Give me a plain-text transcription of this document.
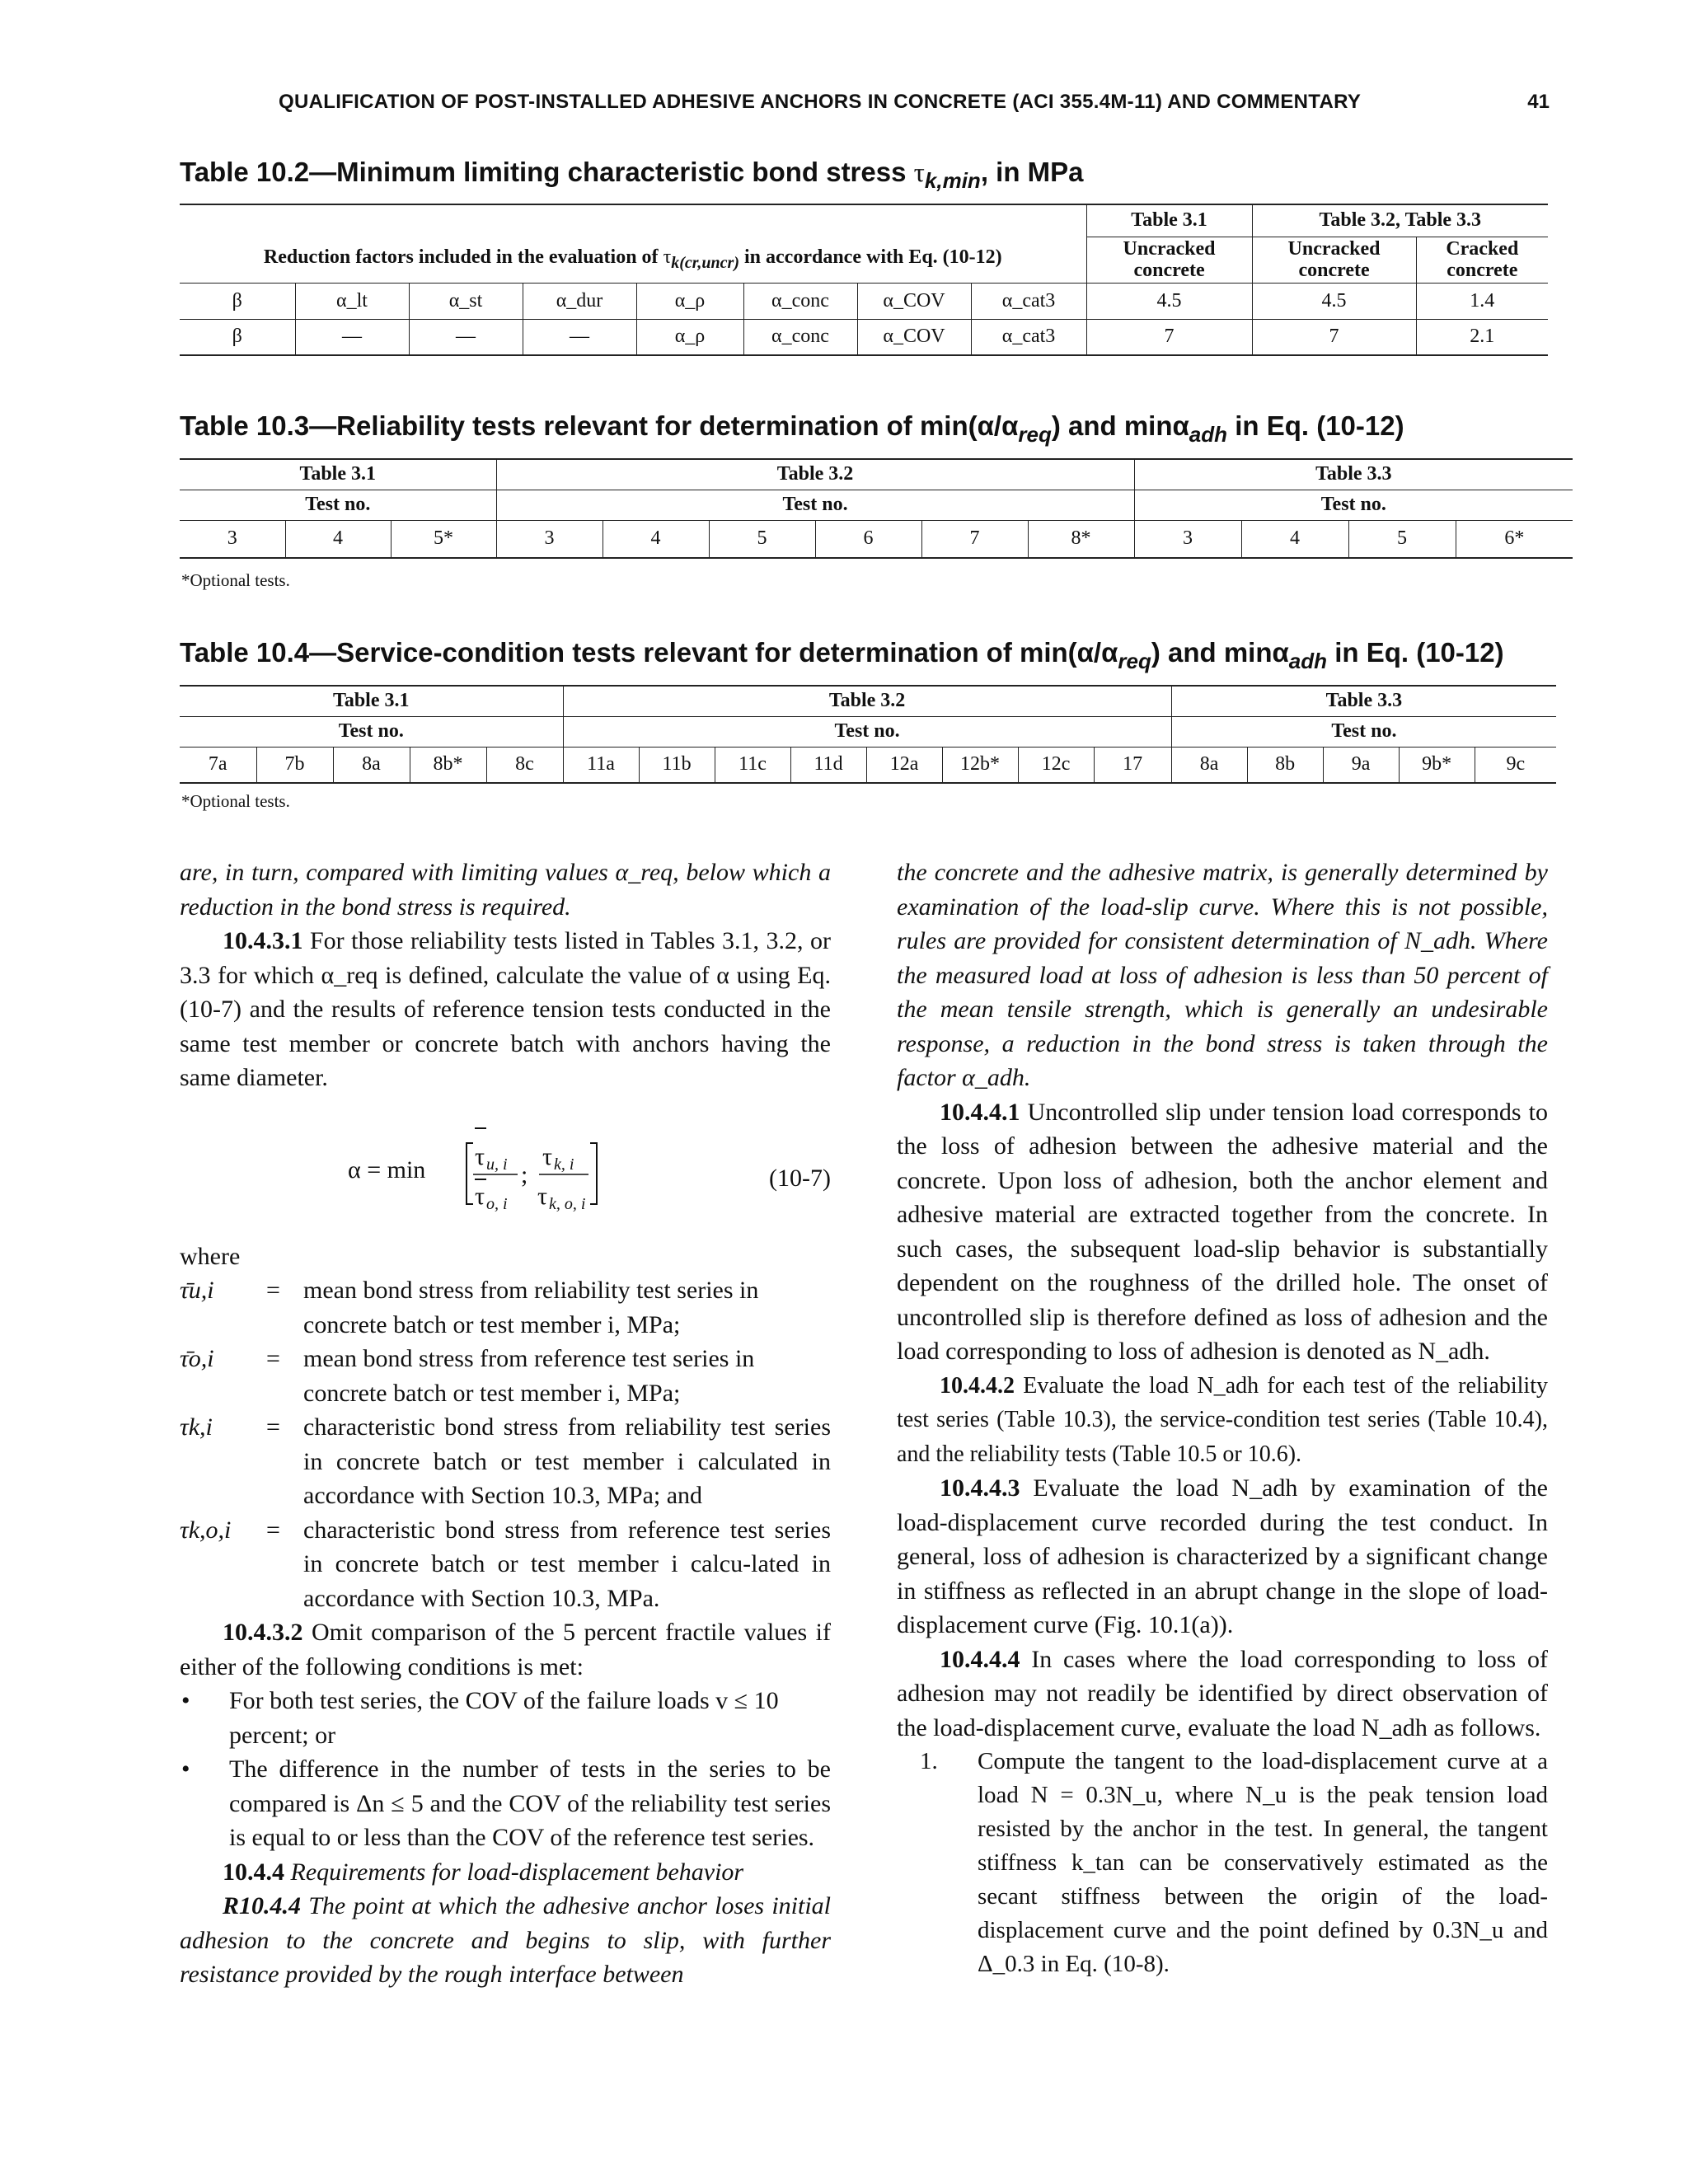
QUALIFICATION OF POST-INSTALLED ADHESIVE ANCHORS IN CONCRETE (ACI 355.4M-11) AND COMMENTARY	41
Table 10.2—Minimum limiting characteristic bond stress $\tau_{k,min}$, in MPa
Reduction factors included in the evaluation of $\tau_{k(cr,uncr)}$ in accordance with Eq. (10-12)								Table 3.1	Table 3.2, Table 3.3	
								Uncracked concrete	Uncracked concrete	Cracked concrete
β	α_lt	α_st	α_dur	α_ρ	α_conc	α_COV	α_cat3	4.5	4.5	1.4
β	—	—	—	α_ρ	α_conc	α_COV	α_cat3	7	7	2.1
Table 10.3—Reliability tests relevant for determination of $\min(\alpha/\alpha_{req})$ and minα$_{adh}$ in Eq. (10-12)
Table 3.1			Table 3.2						Table 3.3			
Test no.			Test no.						Test no.			
3	4	5*	3	4	5	6	7	8*	3	4	5	6*
*Optional tests.
Table 10.4—Service-condition tests relevant for determination of $\min(\alpha/\alpha_{req})$ and minα$_{adh}$ in Eq. (10-12)
Table 3.1					Table 3.2								Table 3.3				
Test no.					Test no.								Test no.				
7a	7b	8a	8b*	8c	11a	11b	11c	11d	12a	12b*	12c	17	8a	8b	9a	9b*	9c
*Optional tests.

are, in turn, compared with limiting values α_req, below which a reduction in the bond stress is required.

10.4.3.1 For those reliability tests listed in Tables 3.1, 3.2, or 3.3 for which α_req is defined, calculate the value of α using Eq. (10-7) and the results of reference tension tests conducted in the same test member or concrete batch with anchors having the same diameter.

α = min τ u, i
τ o, i
;
τ k, i
τ k, o, i
(10-7)

where

τ̄u,i	= mean bond stress from reliability test series in concrete batch or test member i, MPa;
τ̄o,i	= mean bond stress from reference test series in concrete batch or test member i, MPa;
τk,i	= characteristic bond stress from reliability test series in concrete batch or test member i calculated in accordance with Section 10.3, MPa; and
τk,o,i	= characteristic bond stress from reference test series in concrete batch or test member i calcu-lated in accordance with Section 10.3, MPa.

10.4.3.2 Omit comparison of the 5 percent fractile values if either of the following conditions is met:

•	For both test series, the COV of the failure loads v ≤ 10 percent; or
•	The difference in the number of tests in the series to be compared is Δn ≤ 5 and the COV of the reliability test series is equal to or less than the COV of the reference test series.

10.4.4 Requirements for load-displacement behavior

R10.4.4 The point at which the adhesive anchor loses initial adhesion to the concrete and begins to slip, with further resistance provided by the rough interface between

the concrete and the adhesive matrix, is generally determined by examination of the load-slip curve. Where this is not possible, rules are provided for consistent determination of N_adh. Where the measured load at loss of adhesion is less than 50 percent of the mean tensile strength, which is generally an undesirable response, a reduction in the bond stress is taken through the factor α_adh.

10.4.4.1 Uncontrolled slip under tension load corresponds to the loss of adhesion between the adhesive material and the concrete. Upon loss of adhesion, both the anchor element and adhesive material are extracted together from the concrete. In such cases, the subsequent load-slip behavior is substantially dependent on the roughness of the drilled hole. The onset of uncontrolled slip is therefore defined as loss of adhesion and the load corresponding to loss of adhesion is denoted as N_adh.

10.4.4.2 Evaluate the load N_adh for each test of the reliability test series (Table 10.3), the service-condition test series (Table 10.4), and the reliability tests (Table 10.5 or 10.6).

10.4.4.3 Evaluate the load N_adh by examination of the load-displacement curve recorded during the test conduct. In general, loss of adhesion is characterized by a significant change in stiffness as reflected in an abrupt change in the slope of load-displacement curve (Fig. 10.1(a)).

10.4.4.4 In cases where the load corresponding to loss of adhesion may not readily be identified by direct observation of the load-displacement curve, evaluate the load N_adh as follows.

1.	Compute the tangent to the load-displacement curve at a load N = 0.3N_u, where N_u is the peak tension load resisted by the anchor in the test. In general, the tangent stiffness k_tan can be conservatively estimated as the secant stiffness between the origin of the load-displacement curve and the point defined by 0.3N_u and Δ_0.3 in Eq. (10-8).
